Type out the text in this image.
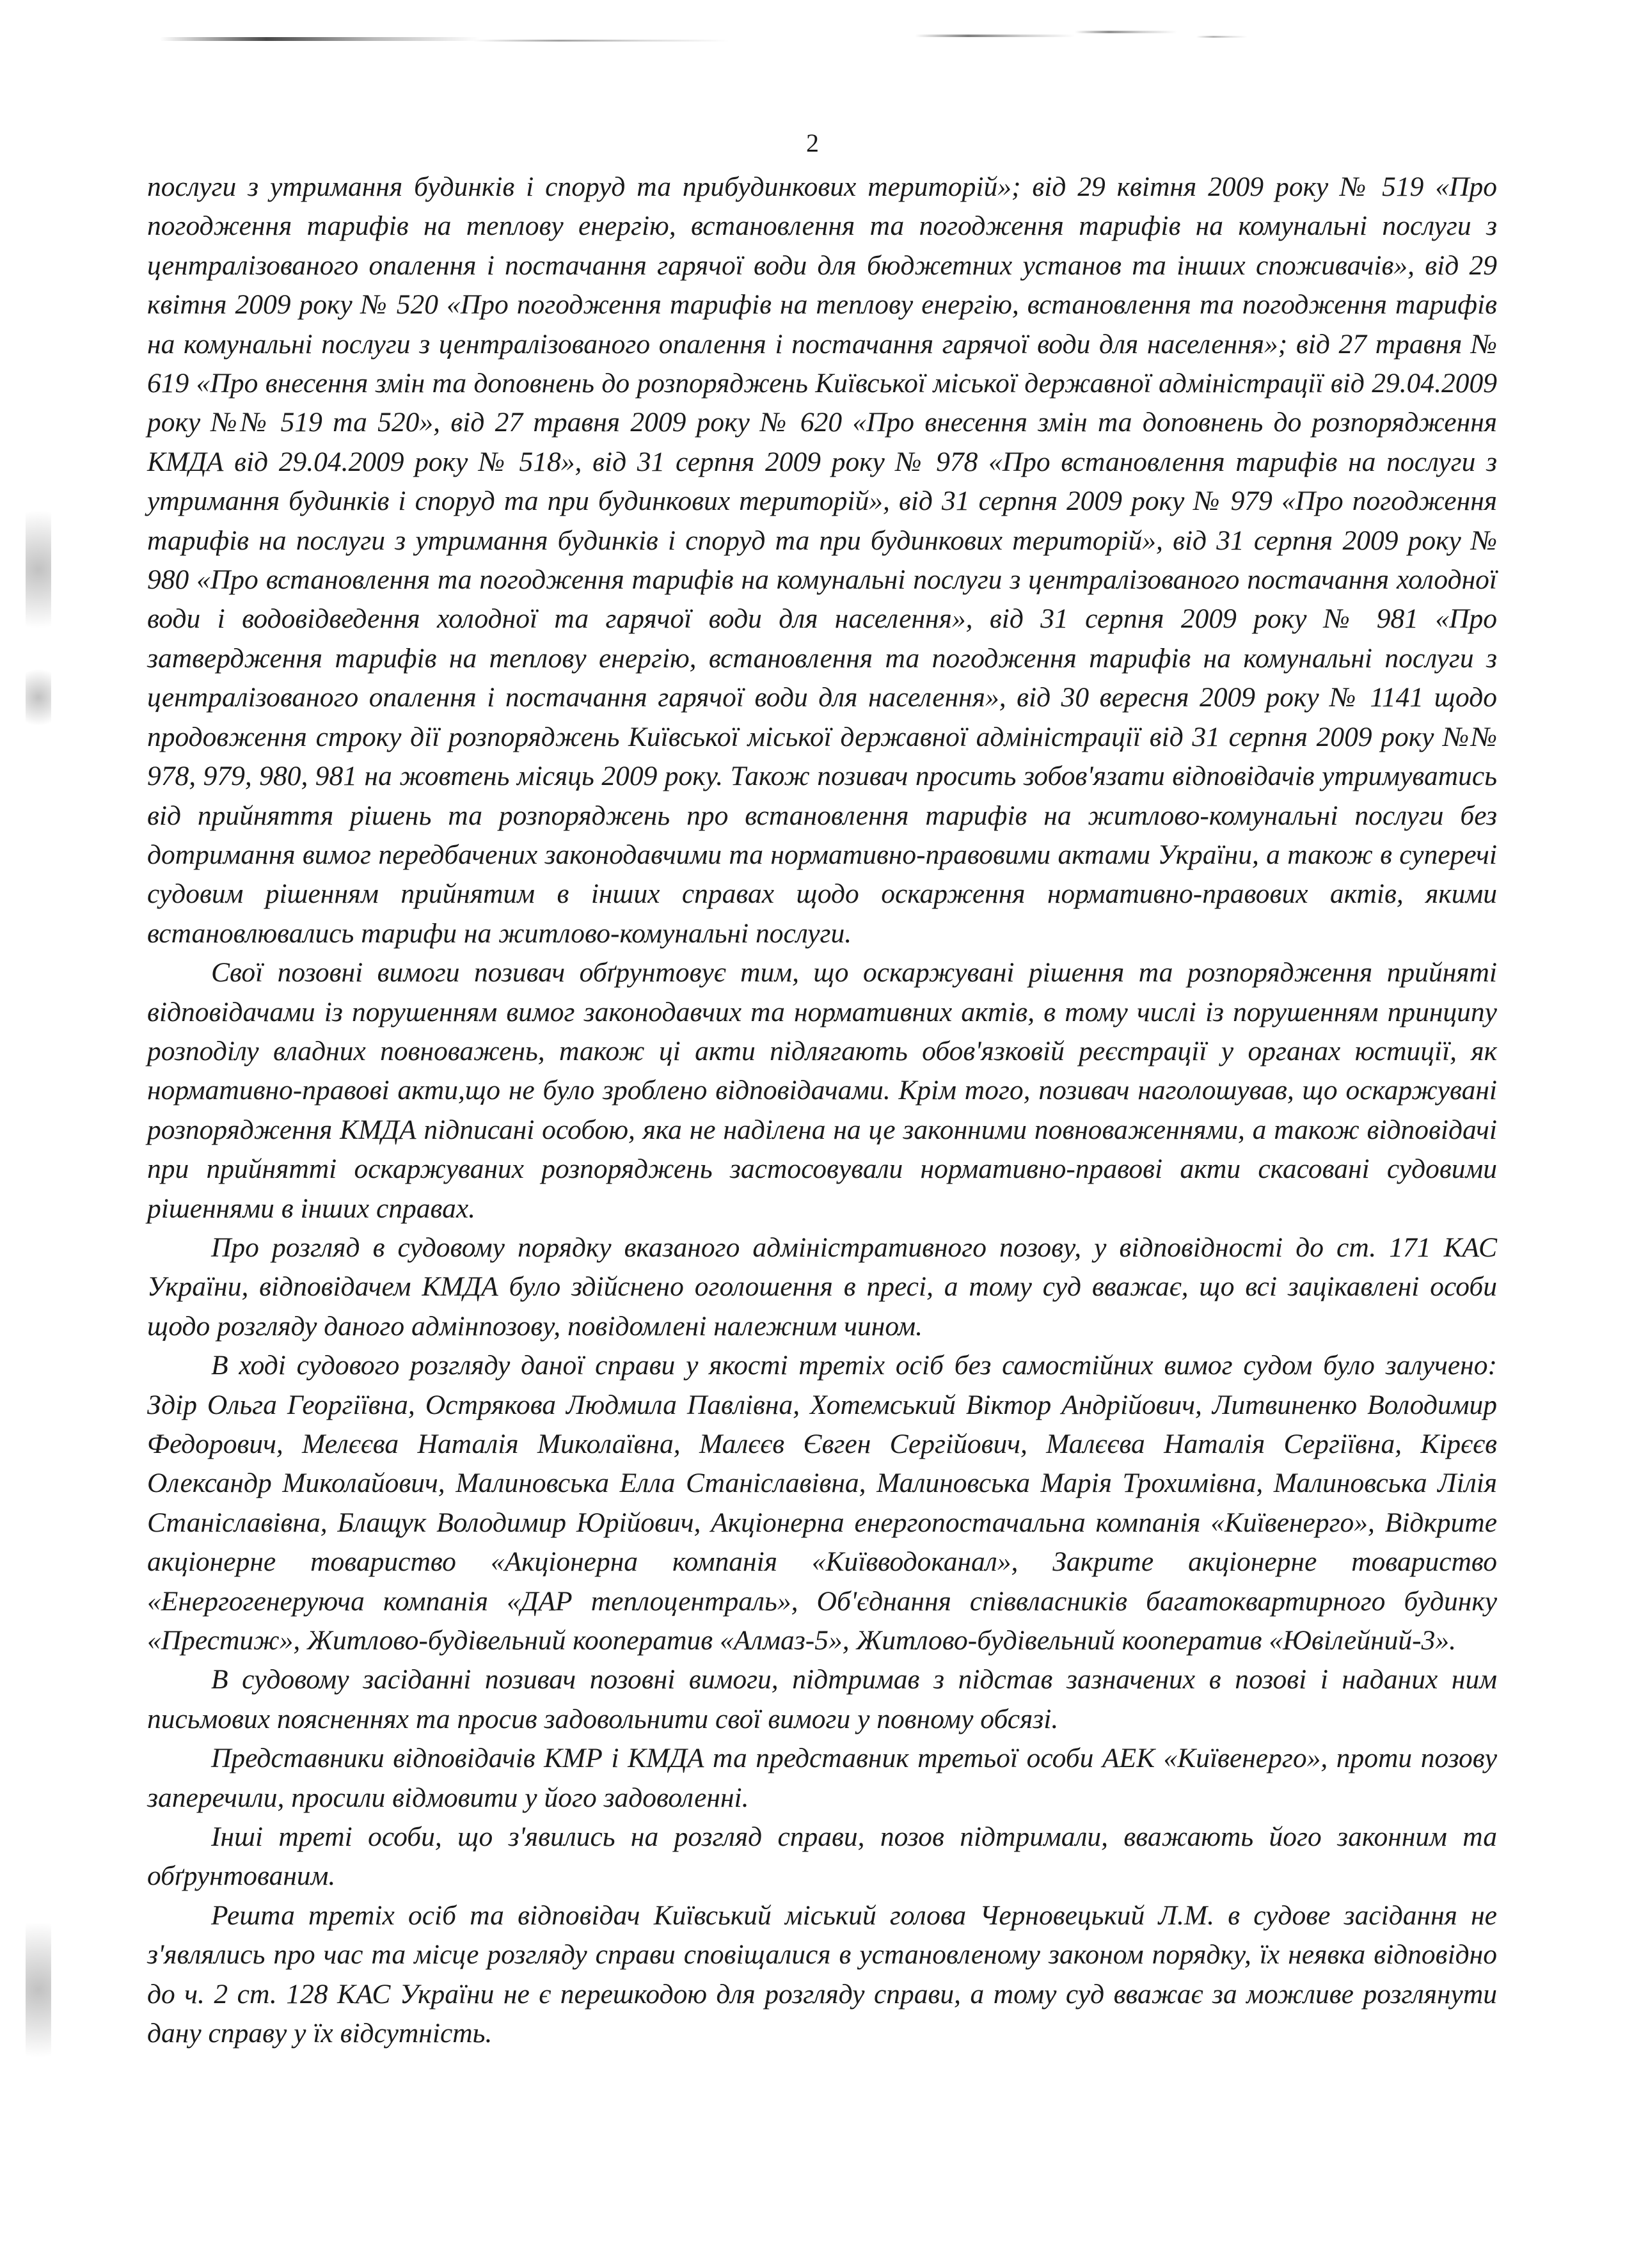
2

послуги з утримання будинків і споруд та прибудинкових територій»; від 29 квітня 2009 року № 519 «Про погодження тарифів на теплову енергію, встановлення та погодження тарифів на комунальні послуги з централізованого опалення і постачання гарячої води для бюджетних установ та інших споживачів», від 29 квітня 2009 року № 520 «Про погодження тарифів на теплову енергію, встановлення та погодження тарифів на комунальні послуги з централізованого опалення і постачання гарячої води для населення»; від 27 травня № 619 «Про внесення змін та доповнень до розпоряджень Київської міської державної адміністрації від 29.04.2009 року №№ 519 та 520», від 27 травня 2009 року № 620 «Про внесення змін та доповнень до розпорядження КМДА від 29.04.2009 року № 518», від 31 серпня 2009 року № 978 «Про встановлення тарифів на послуги з утримання будинків і споруд та при будинкових територій», від 31 серпня 2009 року № 979 «Про погодження тарифів на послуги з утримання будинків і споруд та при будинкових територій», від 31 серпня 2009 року № 980 «Про встановлення та погодження тарифів на комунальні послуги з централізованого постачання холодної води і водовідведення холодної та гарячої води для населення», від 31 серпня 2009 року № 981 «Про затвердження тарифів на теплову енергію, встановлення та погодження тарифів на комунальні послуги з централізованого опалення і постачання гарячої води для населення», від 30 вересня 2009 року № 1141 щодо продовження строку дії розпоряджень Київської міської державної адміністрації від 31 серпня 2009 року №№ 978, 979, 980, 981 на жовтень місяць 2009 року. Також позивач просить зобов'язати відповідачів утримуватись від прийняття рішень та розпоряджень про встановлення тарифів на житлово-комунальні послуги без дотримання вимог передбачених законодавчими та нормативно-правовими актами України, а також в суперечі судовим рішенням прийнятим в інших справах щодо оскарження нормативно-правових актів, якими встановлювались тарифи на житлово-комунальні послуги.

Свої позовні вимоги позивач обґрунтовує тим, що оскаржувані рішення та розпорядження прийняті відповідачами із порушенням вимог законодавчих та нормативних актів, в тому числі із порушенням принципу розподілу владних повноважень, також ці акти підлягають обов'язковій реєстрації у органах юстиції, як нормативно-правові акти,що не було зроблено відповідачами. Крім того, позивач наголошував, що оскаржувані розпорядження КМДА підписані особою, яка не наділена на це законними повноваженнями, а також відповідачі при прийнятті оскаржуваних розпоряджень застосовували нормативно-правові акти скасовані судовими рішеннями в інших справах.

Про розгляд в судовому порядку вказаного адміністративного позову, у відповідності до ст. 171 КАС України, відповідачем КМДА було здійснено оголошення в пресі, а тому суд вважає, що всі зацікавлені особи щодо розгляду даного адмінпозову, повідомлені належним чином.

В ході судового розгляду даної справи у якості третіх осіб без самостійних вимог судом було залучено: Здір Ольга Георгіївна, Острякова Людмила Павлівна, Хотемський Віктор Андрійович, Литвиненко Володимир Федорович, Мелєєва Наталія Миколаївна, Малєєв Євген Сергійович, Малєєва Наталія Сергіївна, Кірєєв Олександр Миколайович, Малиновська Елла Станіславівна, Малиновська Марія Трохимівна, Малиновська Лілія Станіславівна, Блащук Володимир Юрійович, Акціонерна енергопостачальна компанія «Київенерго», Відкрите акціонерне товариство «Акціонерна компанія «Київводоканал», Закрите акціонерне товариство «Енергогенеруюча компанія «ДАР теплоцентраль», Об'єднання співвласників багатоквартирного будинку «Престиж», Житлово-будівельний кооператив «Алмаз-5», Житлово-будівельний кооператив «Ювілейний-3».

В судовому засіданні позивач позовні вимоги, підтримав з підстав зазначених в позові і наданих ним письмових поясненнях та просив задовольнити свої вимоги у повному обсязі.

Представники відповідачів КМР і КМДА та представник третьої особи АЕК «Київенерго», проти позову заперечили, просили відмовити у його задоволенні.

Інші треті особи, що з'явились на розгляд справи, позов підтримали, вважають його законним та обґрунтованим.

Решта третіх осіб та відповідач Київський міський голова Черновецький Л.М. в судове засідання не з'являлись про час та місце розгляду справи сповіщалися в установленому законом порядку, їх неявка відповідно до ч. 2 ст. 128 КАС України не є перешкодою для розгляду справи, а тому суд вважає за можливе розглянути дану справу у їх відсутність.
